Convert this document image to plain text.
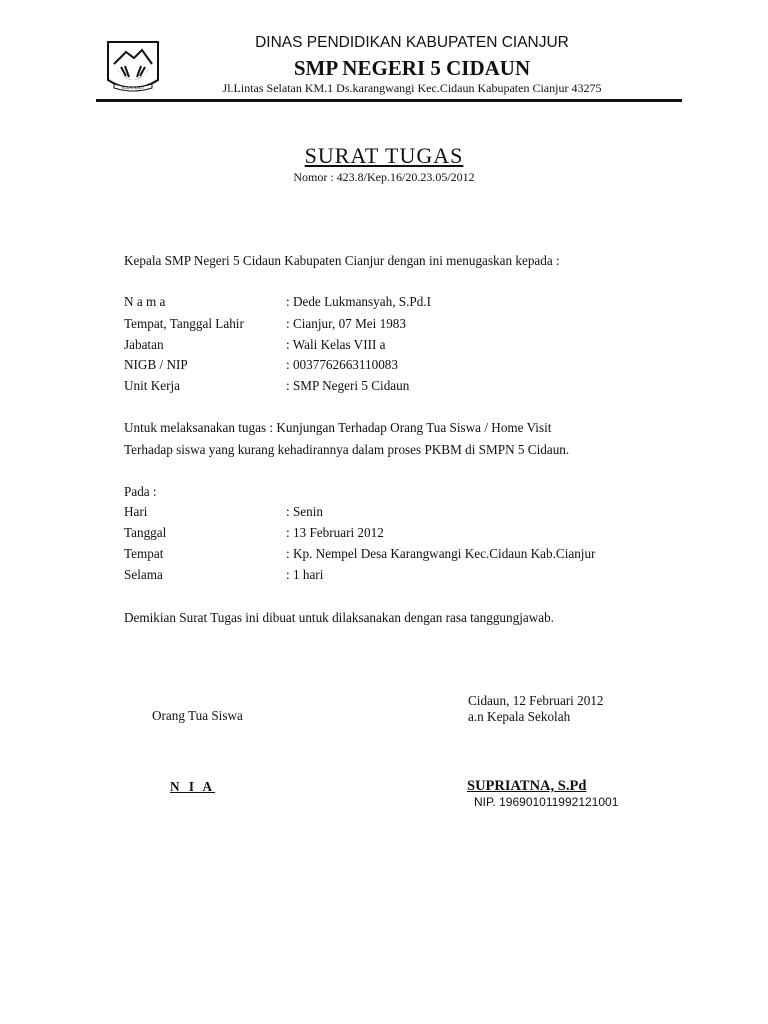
BUDHI BAKTI
DINAS PENDIDIKAN KABUPATEN CIANJUR
SMP NEGERI 5 CIDAUN
Jl.Lintas Selatan KM.1 Ds.karangwangi Kec.Cidaun Kabupaten Cianjur 43275
SURAT TUGAS
Nomor : 423.8/Kep.16/20.23.05/2012
Kepala SMP Negeri 5 Cidaun Kabupaten Cianjur dengan ini menugaskan kepada :
N a m a	: Dede Lukmansyah, S.Pd.I
Tempat, Tanggal Lahir	: Cianjur, 07 Mei 1983
Jabatan	: Wali Kelas VIII a
NIGB / NIP	: 0037762663110083
Unit Kerja	: SMP Negeri 5 Cidaun
Untuk melaksanakan tugas : Kunjungan Terhadap Orang Tua Siswa / Home Visit
Terhadap siswa yang kurang kehadirannya dalam proses PKBM di SMPN 5 Cidaun.
Pada :
Hari	: Senin
Tanggal	: 13 Februari 2012
Tempat	: Kp. Nempel Desa Karangwangi Kec.Cidaun Kab.Cianjur
Selama	: 1 hari
Demikian Surat Tugas ini dibuat untuk dilaksanakan dengan rasa tanggungjawab.
Orang Tua Siswa
Cidaun, 12 Februari 2012
a.n Kepala Sekolah
N I A	SUPRIATNA, S.Pd
NIP. 196901011992121001
